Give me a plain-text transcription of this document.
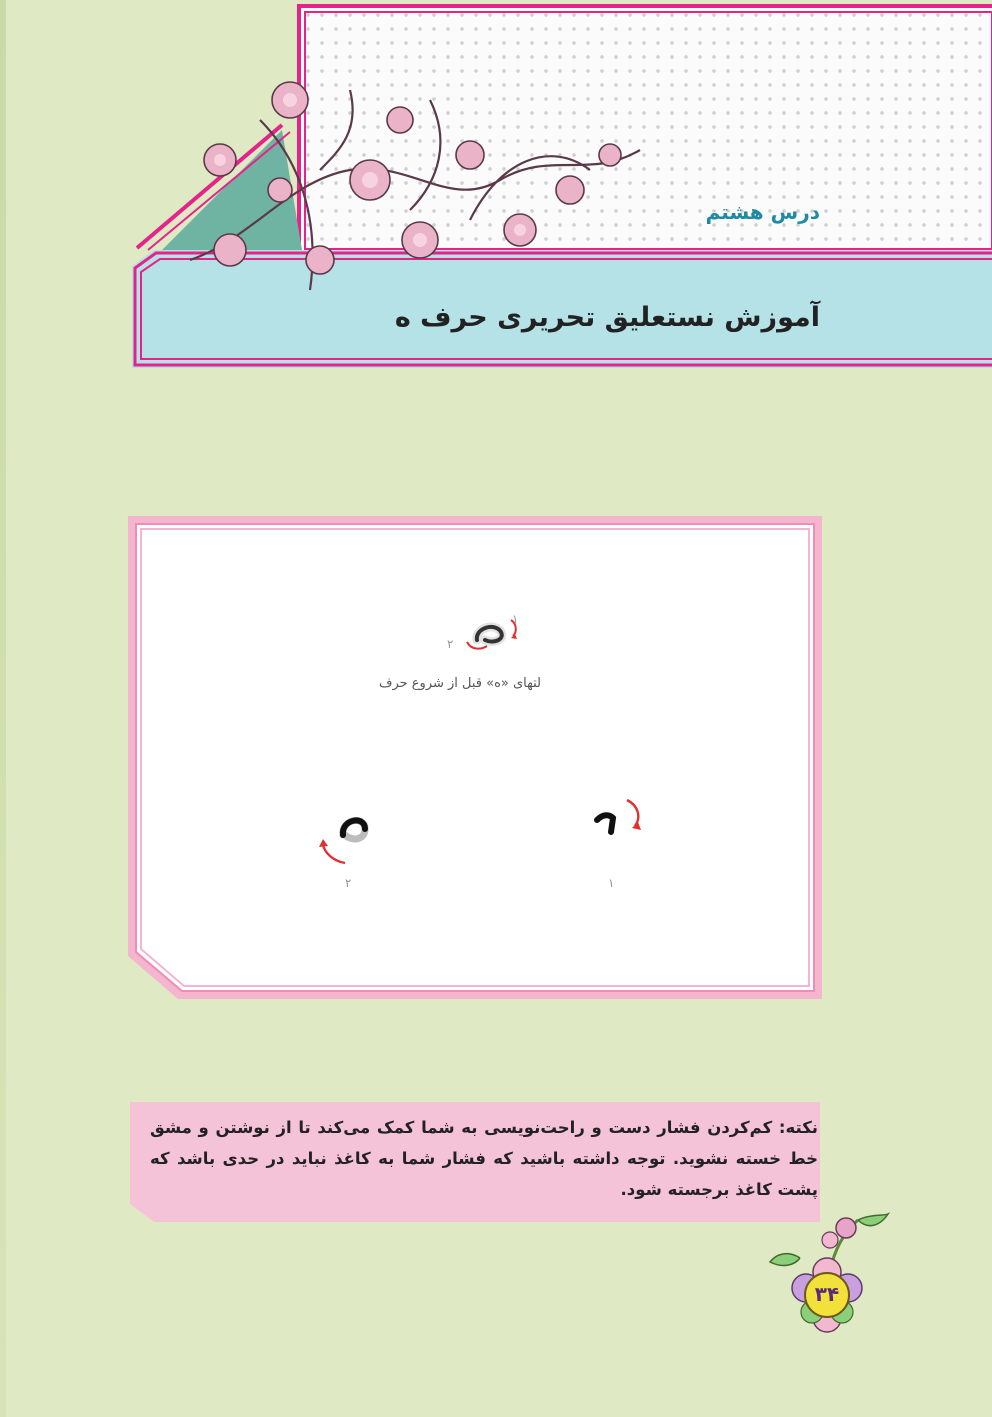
درس هشتم
آموزش نستعلیق تحریری حرف ه
۱
۲
لتهای «ه» قبل از شروع حرف
۱
۲
نکته: کم‌کردن فشار دست و راحت‌نویسی به شما کمک می‌کند تا از نوشتن و مشق خط خسته نشوید. توجه داشته باشید که فشار شما به کاغذ نباید در حدی باشد که پشت کاغذ برجسته شود.
۳۴
